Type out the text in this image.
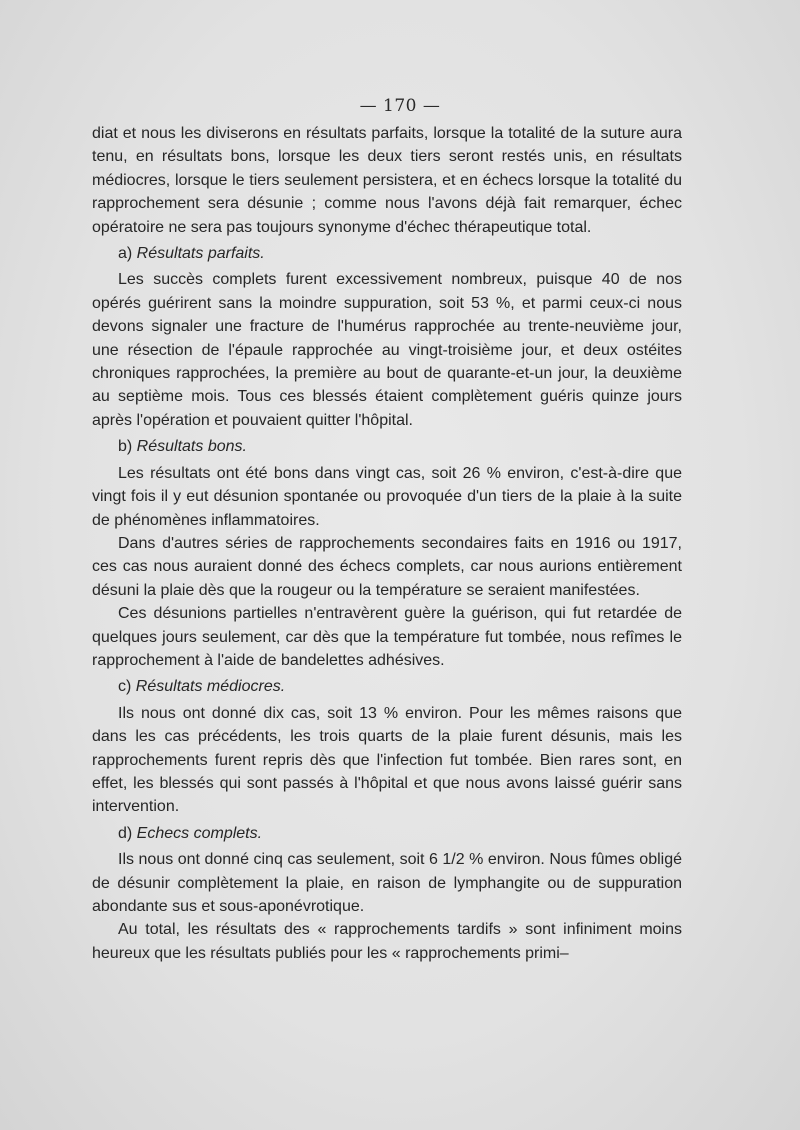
— 170 —

diat et nous les diviserons en résultats parfaits, lorsque la totalité de la suture aura tenu, en résultats bons, lorsque les deux tiers seront restés unis, en résultats médiocres, lorsque le tiers seulement persistera, et en échecs lorsque la totalité du rapprochement sera désunie ; comme nous l'avons déjà fait remarquer, échec opératoire ne sera pas toujours synonyme d'échec thérapeutique total.

a) Résultats parfaits.

Les succès complets furent excessivement nombreux, puisque 40 de nos opérés guérirent sans la moindre suppuration, soit 53 %, et parmi ceux-ci nous devons signaler une fracture de l'humérus rapprochée au trente-neuvième jour, une résection de l'épaule rapprochée au vingt-troisième jour, et deux ostéites chroniques rapprochées, la première au bout de quarante-et-un jour, la deuxième au septième mois. Tous ces blessés étaient complètement guéris quinze jours après l'opération et pouvaient quitter l'hôpital.

b) Résultats bons.

Les résultats ont été bons dans vingt cas, soit 26 % environ, c'est-à-dire que vingt fois il y eut désunion spontanée ou provoquée d'un tiers de la plaie à la suite de phénomènes inflammatoires.

Dans d'autres séries de rapprochements secondaires faits en 1916 ou 1917, ces cas nous auraient donné des échecs complets, car nous aurions entièrement désuni la plaie dès que la rougeur ou la température se seraient manifestées.

Ces désunions partielles n'entravèrent guère la guérison, qui fut retardée de quelques jours seulement, car dès que la température fut tombée, nous refîmes le rapprochement à l'aide de bandelettes adhésives.

c) Résultats médiocres.

Ils nous ont donné dix cas, soit 13 % environ. Pour les mêmes raisons que dans les cas précédents, les trois quarts de la plaie furent désunis, mais les rapprochements furent repris dès que l'infection fut tombée. Bien rares sont, en effet, les blessés qui sont passés à l'hôpital et que nous avons laissé guérir sans intervention.

d) Echecs complets.

Ils nous ont donné cinq cas seulement, soit 6 1/2 % environ. Nous fûmes obligé de désunir complètement la plaie, en raison de lymphangite ou de suppuration abondante sus et sous-aponévrotique.

Au total, les résultats des « rapprochements tardifs » sont infiniment moins heureux que les résultats publiés pour les « rapprochements primi–
